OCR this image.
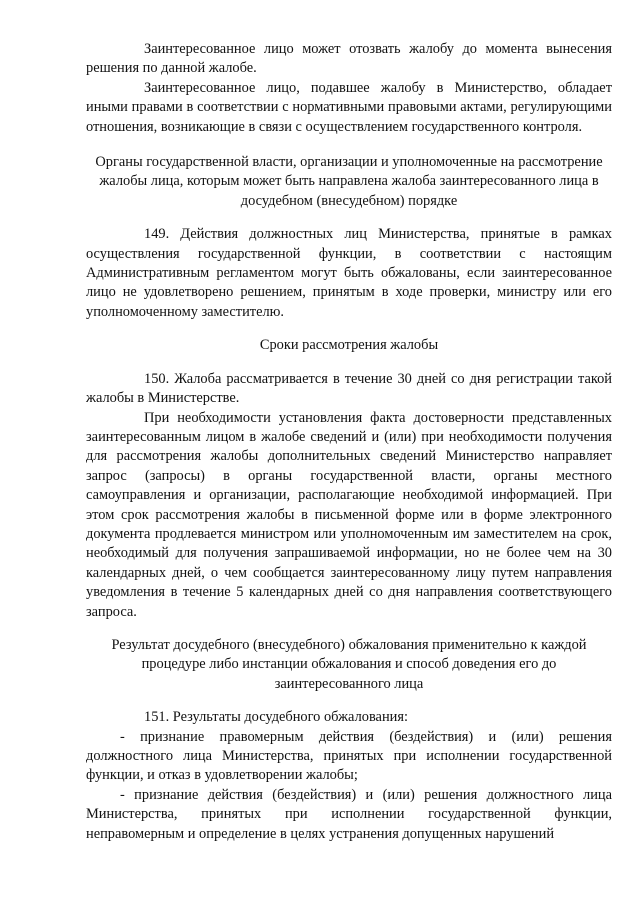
Заинтересованное лицо может отозвать жалобу до момента вынесения решения по данной жалобе.

Заинтересованное лицо, подавшее жалобу в Министерство, обладает иными правами в соответствии с нормативными правовыми актами, регулирующими отношения, возникающие в связи с осуществлением государственного контроля.

Органы государственной власти, организации и уполномоченные на рассмотрение жалобы лица, которым может быть направлена жалоба заинтересованного лица в досудебном (внесудебном) порядке

149. Действия должностных лиц Министерства, принятые в рамках осуществления государственной функции, в соответствии с настоящим Административным регламентом могут быть обжалованы, если заинтересованное лицо не удовлетворено решением, принятым в ходе проверки, министру или его уполномоченному заместителю.

Сроки рассмотрения жалобы

150. Жалоба рассматривается в течение 30 дней со дня регистрации такой жалобы в Министерстве.

При необходимости установления факта достоверности представленных заинтересованным лицом в жалобе сведений и (или) при необходимости получения для рассмотрения жалобы дополнительных сведений Министерство направляет запрос (запросы) в органы государственной власти, органы местного самоуправления и организации, располагающие необходимой информацией. При этом срок рассмотрения жалобы в письменной форме или в форме электронного документа продлевается министром или уполномоченным им заместителем на срок, необходимый для получения запрашиваемой информации, но не более чем на 30 календарных дней, о чем сообщается заинтересованному лицу путем направления уведомления в течение 5 календарных дней со дня направления соответствующего запроса.

Результат досудебного (внесудебного) обжалования применительно к каждой процедуре либо инстанции обжалования и способ доведения его до заинтересованного лица

151. Результаты досудебного обжалования:

- признание правомерным действия (бездействия) и (или) решения должностного лица Министерства, принятых при исполнении государственной функции, и отказ в удовлетворении жалобы;

- признание действия (бездействия) и (или) решения должностного лица Министерства, принятых при исполнении государственной функции, неправомерным и определение в целях устранения допущенных нарушений
